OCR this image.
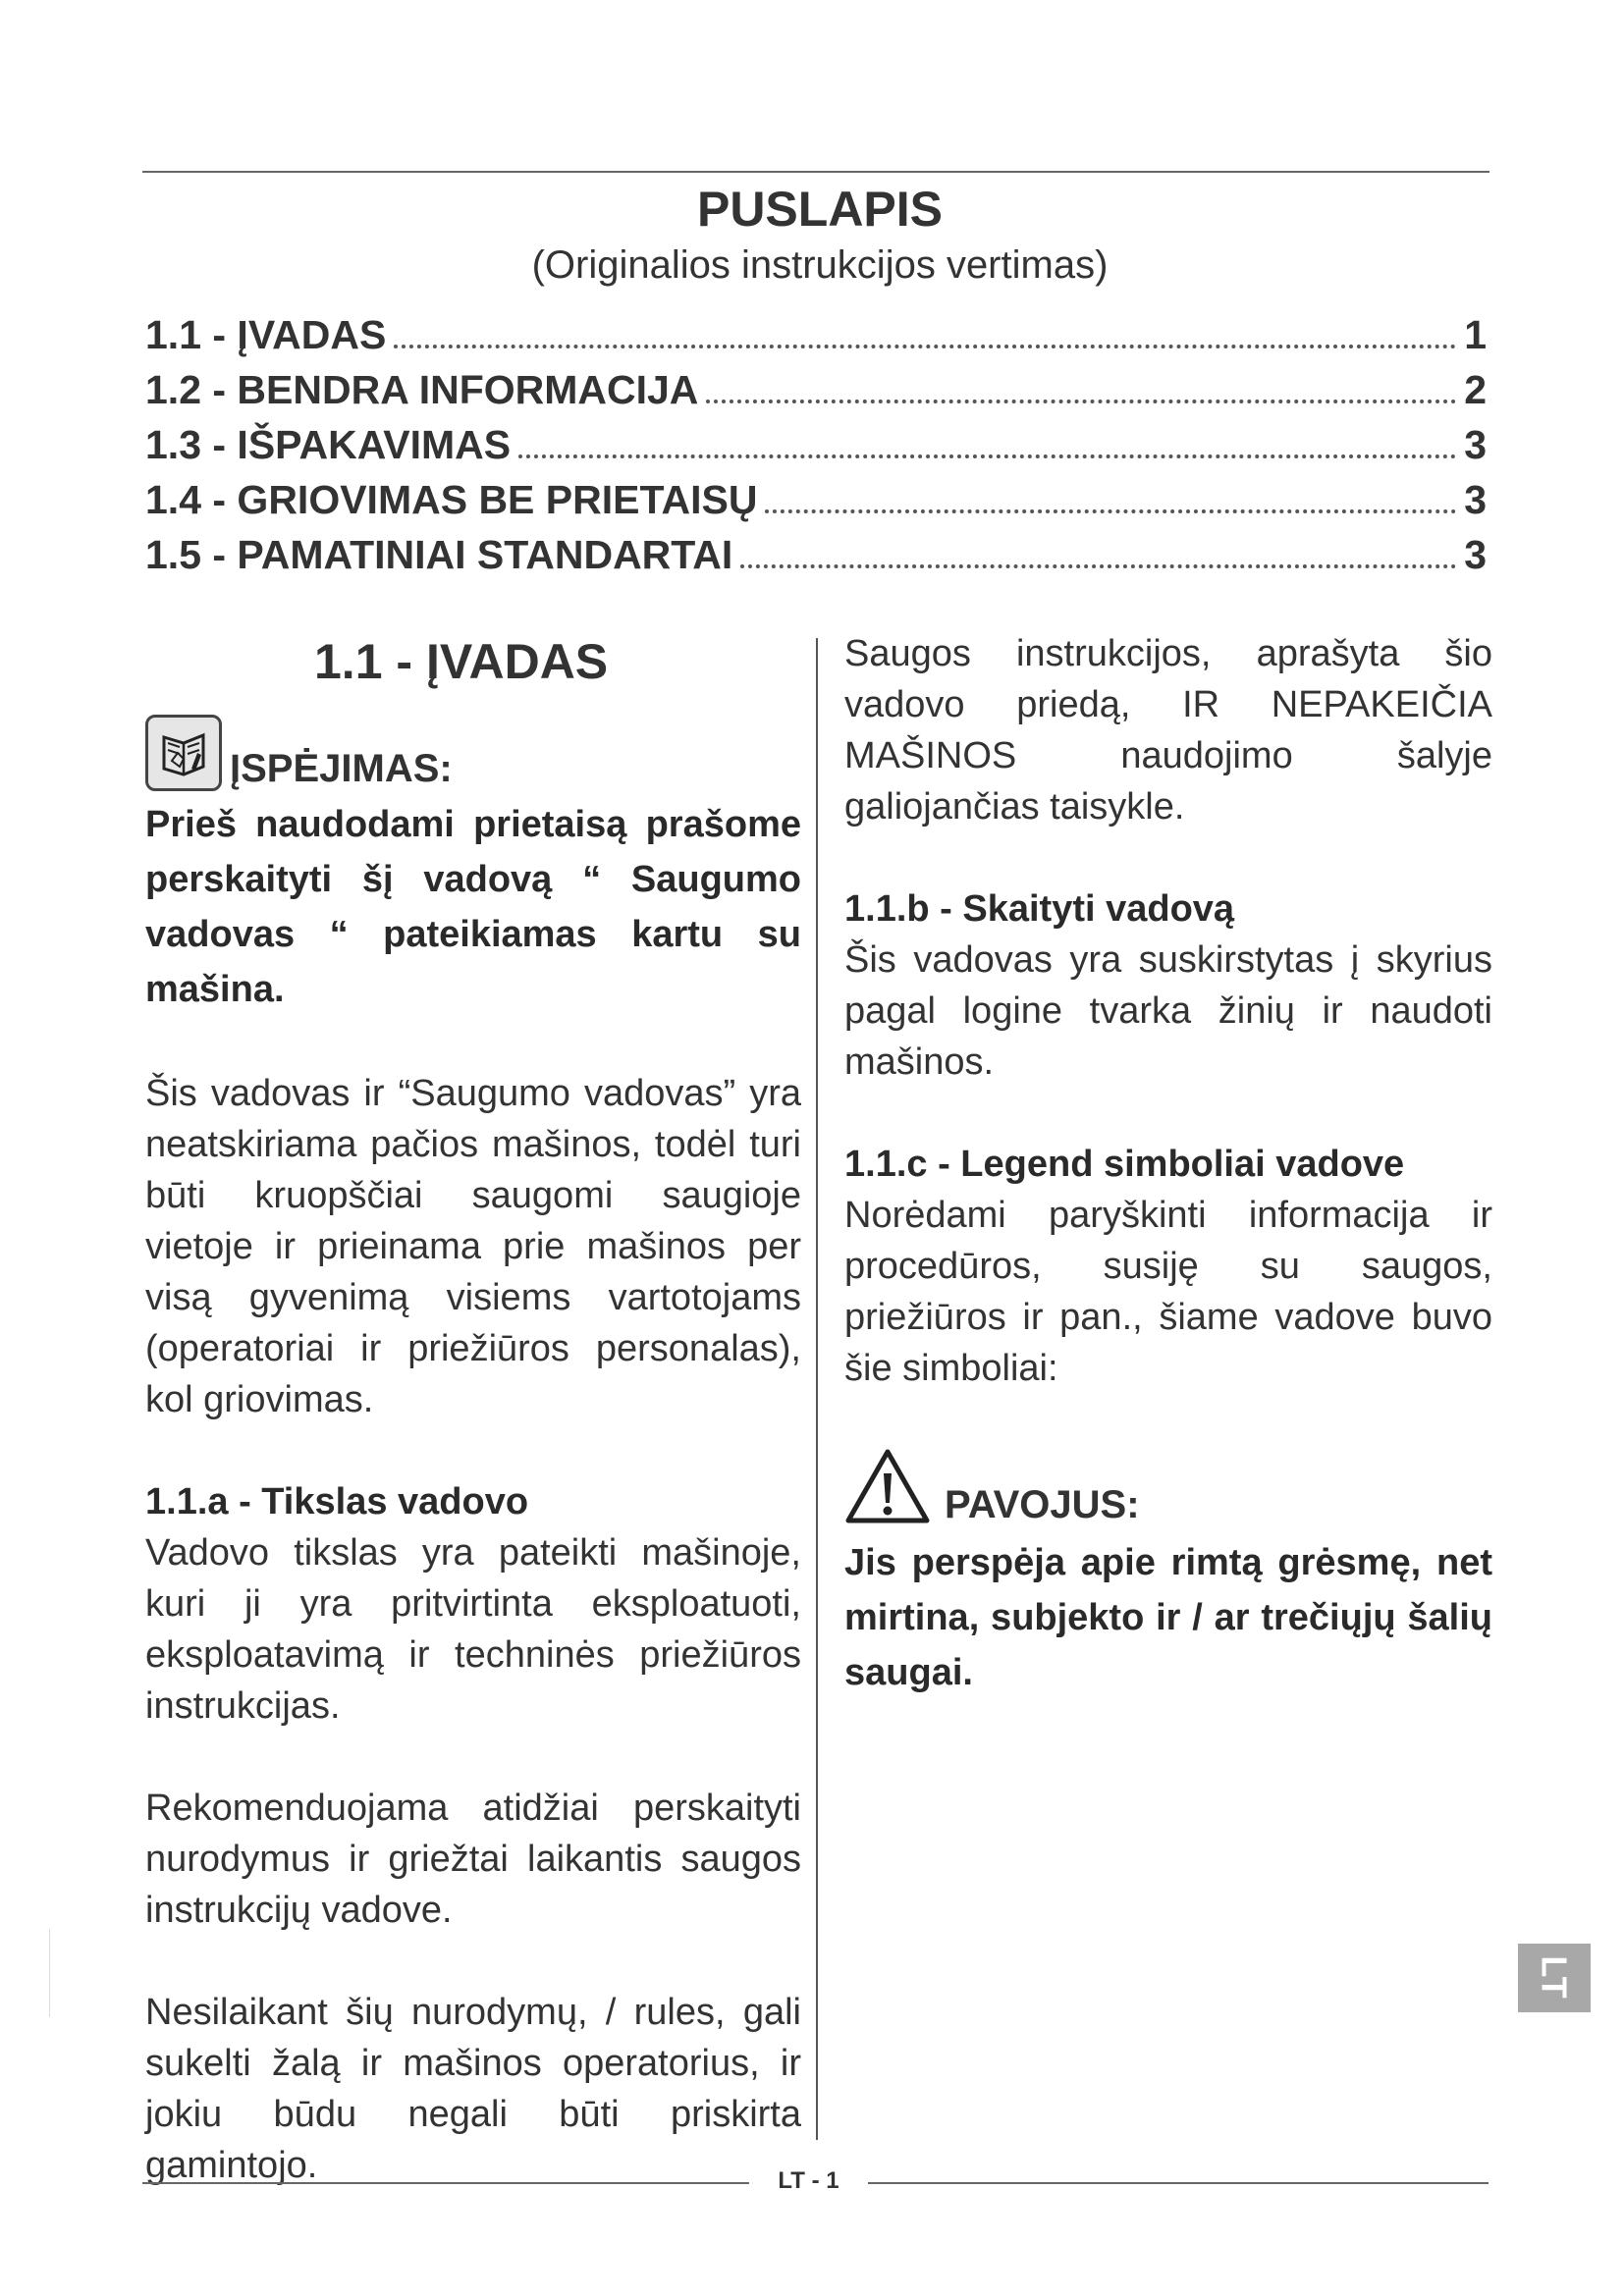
PUSLAPIS
(Originalios instrukcijos vertimas)
1.1 - ĮVADAS	1
1.2 - BENDRA INFORMACIJA	2
1.3 - IŠPAKAVIMAS	3
1.4 - GRIOVIMAS BE PRIETAISŲ	3
1.5 - PAMATINIAI STANDARTAI	3
1.1 - ĮVADAS
ĮSPĖJIMAS:

Prieš naudodami prietaisą prašome perskaityti šį vadovą “ Saugumo vadovas “ pateikiamas kartu su mašina.

Šis vadovas ir “Saugumo vadovas” yra neatskiriama pačios mašinos, todėl turi būti kruopščiai saugomi saugioje vietoje ir prieinama prie mašinos per visą gyvenimą visiems vartotojams (operatoriai ir priežiūros personalas), kol griovimas.

1.1.a - Tikslas vadovo

Vadovo tikslas yra pateikti mašinoje, kuri ji yra pritvirtinta eksploatuoti, eksploatavimą ir techninės priežiūros instrukcijas.

Rekomenduojama atidžiai perskaityti nurodymus ir griežtai laikantis saugos instrukcijų vadove.

Nesilaikant šių nurodymų, / rules, gali sukelti žalą ir mašinos operatorius, ir jokiu būdu negali būti priskirta gamintojo.

Saugos instrukcijos, aprašyta šio vadovo priedą, IR NEPAKEIČIA MAŠINOS naudojimo šalyje galiojančias taisykle.

1.1.b - Skaityti vadovą

Šis vadovas yra suskirstytas į skyrius pagal logine tvarka žinių ir naudoti mašinos.

1.1.c - Legend simboliai vadove

Norėdami paryškinti informacija ir procedūros, susiję su saugos, priežiūros ir pan., šiame vadove buvo šie simboliai:

PAVOJUS:

Jis perspėja apie rimtą grėsmę, net mirtina, subjekto ir / ar trečiųjų šalių saugai.

LT
LT - 1
